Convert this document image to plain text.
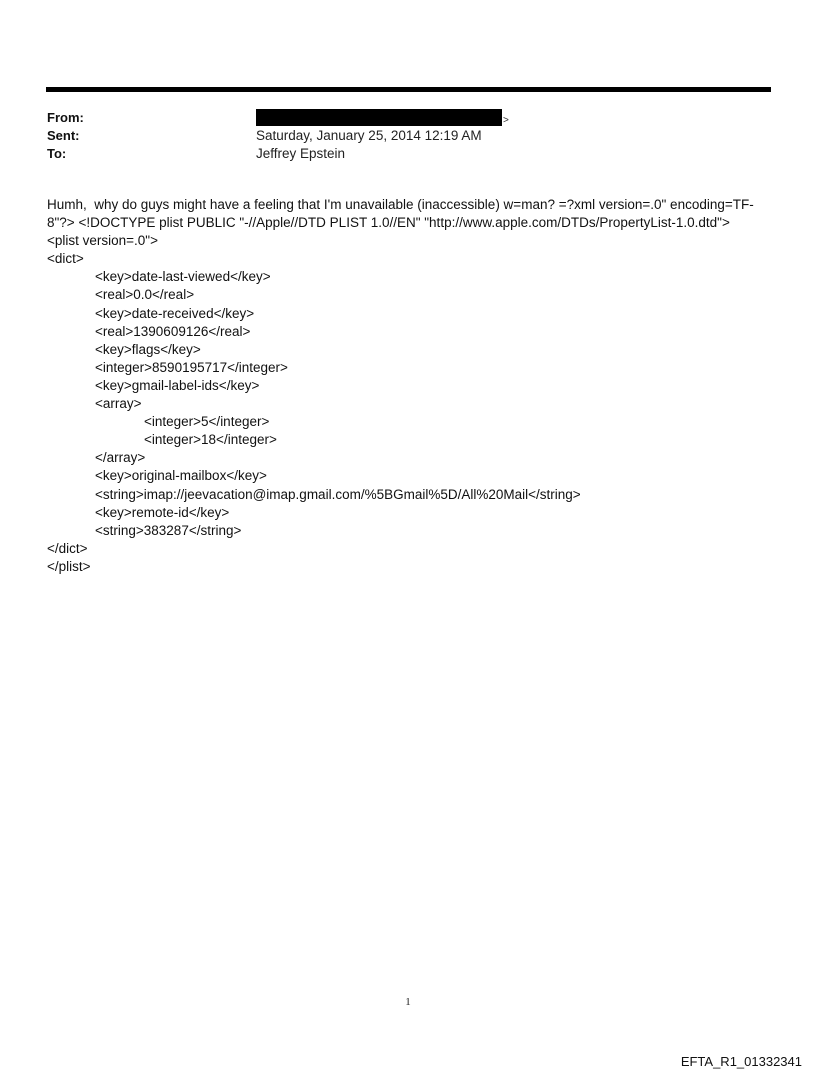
From:	>
Sent:	Saturday, January 25, 2014 12:19 AM
To:	Jeffrey Epstein
Humh,  why do guys might have a feeling that I'm unavailable (inaccessible) w=man? =?xml version=.0" encoding=TF-
8"?> <!DOCTYPE plist PUBLIC "-//Apple//DTD PLIST 1.0//EN" "http://www.apple.com/DTDs/PropertyList-1.0.dtd">
<plist version=.0">
<dict>
<key>date-last-viewed</key>
<real>0.0</real>
<key>date-received</key>
<real>1390609126</real>
<key>flags</key>
<integer>8590195717</integer>
<key>gmail-label-ids</key>
<array>
<integer>5</integer>
<integer>18</integer>
</array>
<key>original-mailbox</key>
<string>imap://jeevacation@imap.gmail.com/%5BGmail%5D/All%20Mail</string>
<key>remote-id</key>
<string>383287</string>
</dict>
</plist>
1
EFTA_R1_01332341
